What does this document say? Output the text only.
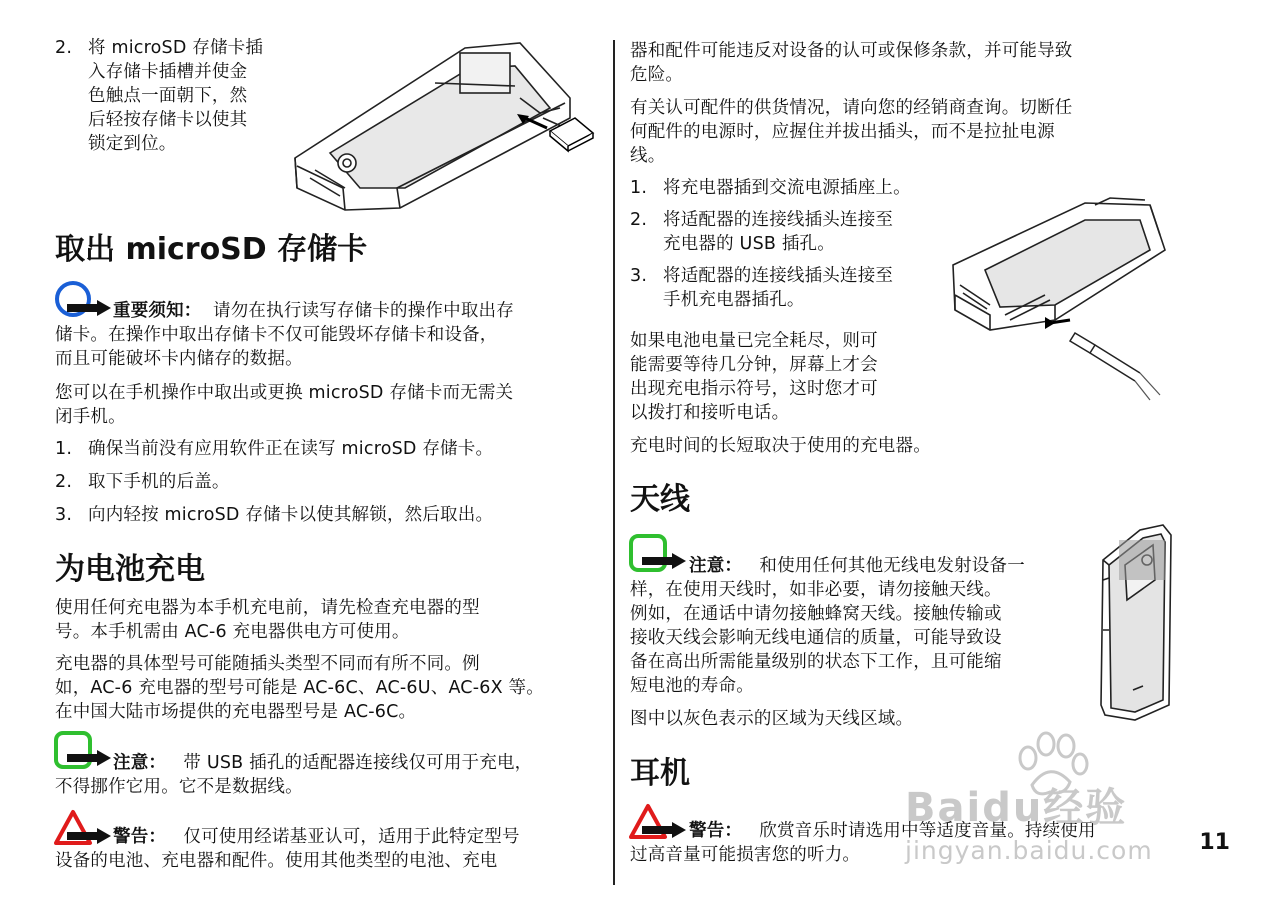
2. 将 microSD 存储卡插

入存储卡插槽并使金

色触点一面朝下，然

后轻按存储卡以使其

锁定到位。

取出 microSD 存储卡

重要须知： 请勿在执行读写存储卡的操作中取出存

储卡。在操作中取出存储卡不仅可能毁坏存储卡和设备，

而且可能破坏卡内储存的数据。

您可以在手机操作中取出或更换 microSD 存储卡而无需关

闭手机。

1. 确保当前没有应用软件正在读写 microSD 存储卡。
2. 取下手机的后盖。
3. 向内轻按 microSD 存储卡以使其解锁，然后取出。
为电池充电

使用任何充电器为本手机充电前，请先检查充电器的型

号。本手机需由 AC-6 充电器供电方可使用。

充电器的具体型号可能随插头类型不同而有所不同。例

如，AC-6 充电器的型号可能是 AC-6C、AC-6U、AC-6X 等。

在中国大陆市场提供的充电器型号是 AC-6C。

注意： 带 USB 插孔的适配器连接线仅可用于充电，

不得挪作它用。它不是数据线。

警告： 仅可使用经诺基亚认可，适用于此特定型号

设备的电池、充电器和配件。使用其他类型的电池、充电

器和配件可能违反对设备的认可或保修条款，并可能导致

危险。

有关认可配件的供货情况，请向您的经销商查询。切断任

何配件的电源时，应握住并拔出插头，而不是拉扯电源

线。

1. 将充电器插到交流电源插座上。
2. 将适配器的连接线插头连接至

充电器的 USB 插孔。

3. 将适配器的连接线插头连接至

手机充电器插孔。

如果电池电量已完全耗尽，则可

能需要等待几分钟，屏幕上才会

出现充电指示符号，这时您才可

以拨打和接听电话。

充电时间的长短取决于使用的充电器。

天线

注意： 和使用任何其他无线电发射设备一

样，在使用天线时，如非必要，请勿接触天线。

例如，在通话中请勿接触蜂窝天线。接触传输或

接收天线会影响无线电通信的质量，可能导致设

备在高出所需能量级别的状态下工作，且可能缩

短电池的寿命。

图中以灰色表示的区域为天线区域。

耳机

警告： 欣赏音乐时请选用中等适度音量。持续使用

过高音量可能损害您的听力。

Baidu经验
jingyan.baidu.com 11
